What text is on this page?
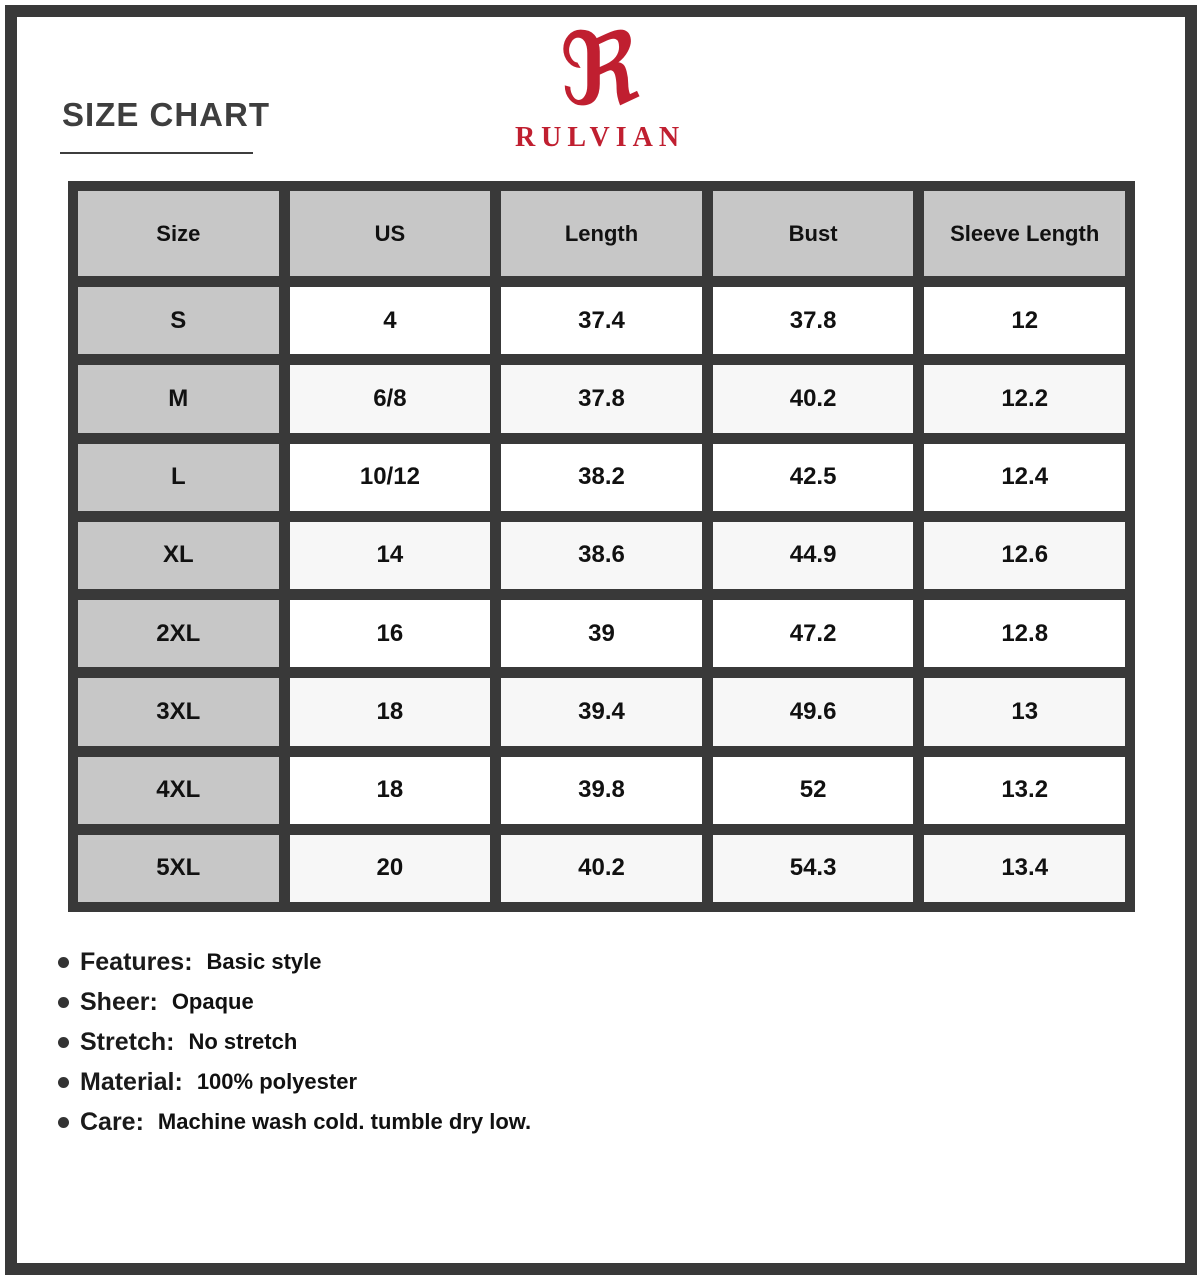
SIZE CHART	ℜ
RULVIAN
Size	US	Length	Bust	Sleeve Length
S	4	37.4	37.8	12
M	6/8	37.8	40.2	12.2
L	10/12	38.2	42.5	12.4
XL	14	38.6	44.9	12.6
2XL	16	39	47.2	12.8
3XL	18	39.4	49.6	13
4XL	18	39.8	52	13.2
5XL	20	40.2	54.3	13.4
Features: Basic style
Sheer: Opaque
Stretch: No stretch
Material: 100% polyester
Care: Machine wash cold. tumble dry low.
